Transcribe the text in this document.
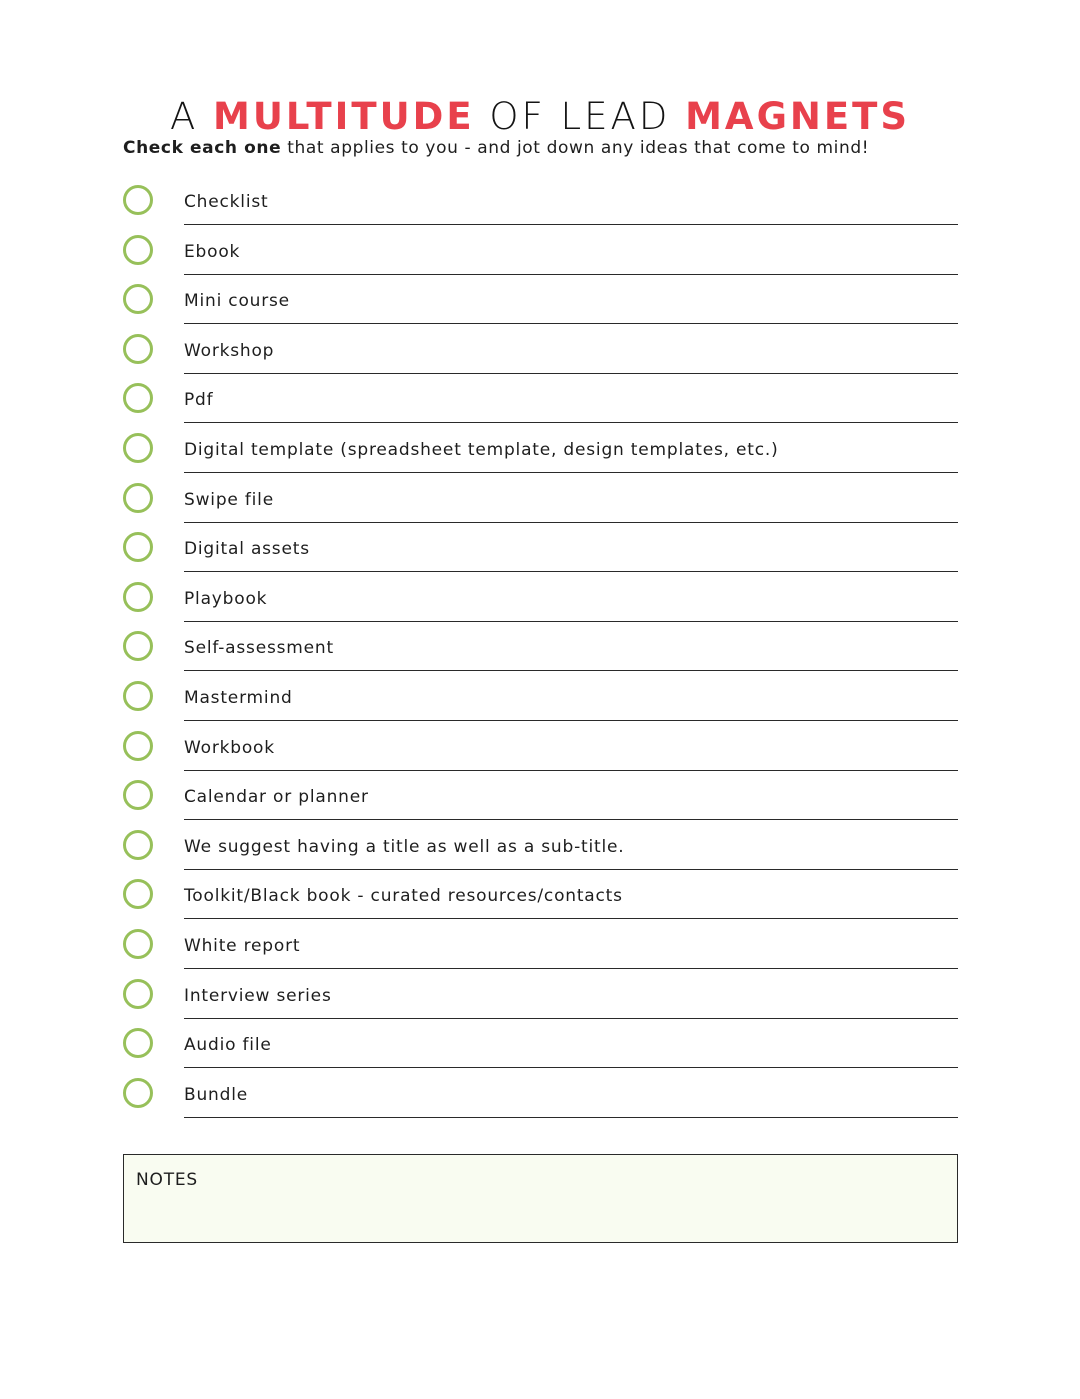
A MULTITUDE OF LEAD MAGNETS
Check each one that applies to you - and jot down any ideas that come to mind!
Checklist
Ebook
Mini course
Workshop
Pdf
Digital template (spreadsheet template, design templates, etc.)
Swipe file
Digital assets
Playbook
Self-assessment
Mastermind
Workbook
Calendar or planner
We suggest having a title as well as a sub-title.
Toolkit/Black book - curated resources/contacts
White report
Interview series
Audio file
Bundle
NOTES
